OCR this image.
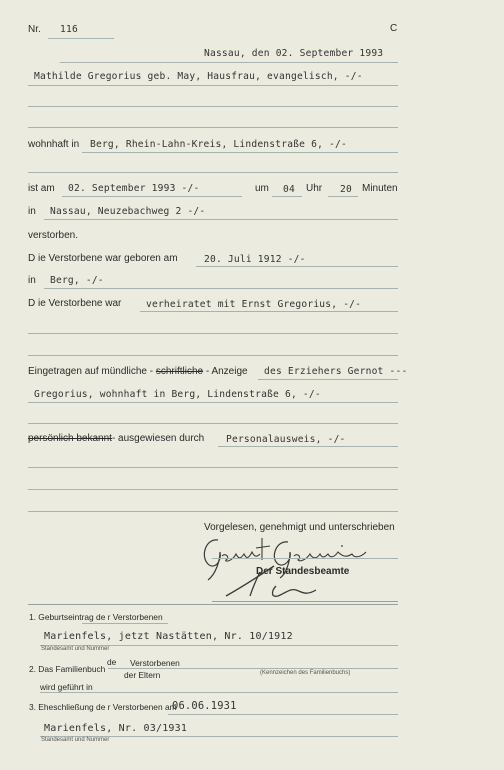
Nr. 116	C
Nassau, den 02. September 1993
Mathilde Gregorius geb. May, Hausfrau, evangelisch, -/-
wohnhaft in Berg, Rhein-Lahn-Kreis, Lindenstraße 6, -/-
ist am 02. September 1993 -/-	um 04 Uhr 20 Minuten
in Nassau, Neuzebachweg 2 -/-
verstorben.
D ie Verstorbene war geboren am	20. Juli 1912 -/-
in Berg, -/-
D ie Verstorbene war	verheiratet mit Ernst Gregorius, -/-
Eingetragen auf mündliche - schriftliche - Anzeige des Erziehers Gernot ---
Gregorius, wohnhaft in Berg, Lindenstraße 6, -/-
persönlich bekannt- ausgewiesen durch Personalausweis, -/-
Vorgelesen, genehmigt und unterschrieben
Der Standesbeamte
1. Geburtseintrag de r Verstorbenen
Marienfels, jetzt Nastätten, Nr. 10/1912
Standesamt und Nummer
2. Das Familienbuch
de Verstorbenen
der Eltern	(Kennzeichen des Familienbuchs)
wird geführt in
3. Eheschließung de r Verstorbenen am
06.06.1931
Marienfels, Nr. 03/1931
Standesamt und Nummer
